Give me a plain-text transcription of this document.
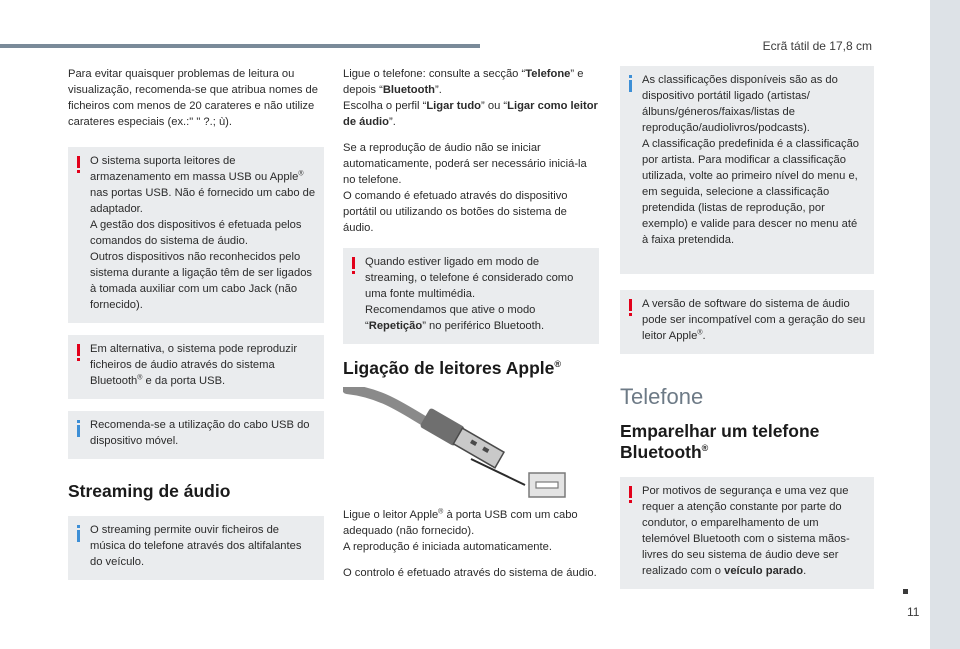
Ecrã tátil de 17,8 cm
11

Para evitar quaisquer problemas de leitura ou visualização, recomenda-se que atribua nomes de ficheiros com menos de 20 carateres e não utilize carateres especiais (ex.:" " ?.; ù).

O sistema suporta leitores de armazenamento em massa USB ou Apple® nas portas USB. Não é fornecido um cabo de adaptador.
A gestão dos dispositivos é efetuada pelos comandos do sistema de áudio.
Outros dispositivos não reconhecidos pelo sistema durante a ligação têm de ser ligados à tomada auxiliar com um cabo Jack (não fornecido).
Em alternativa, o sistema pode reproduzir ficheiros de áudio através do sistema Bluetooth® e da porta USB.
Recomenda-se a utilização do cabo USB do dispositivo móvel.
Streaming de áudio
O streaming permite ouvir ficheiros de música do telefone através dos altifalantes do veículo.

Ligue o telefone: consulte a secção “Telefone” e depois “Bluetooth”.
Escolha o perfil “Ligar tudo” ou “Ligar como leitor de áudio”.

Se a reprodução de áudio não se iniciar automaticamente, poderá ser necessário iniciá-la no telefone.
O comando é efetuado através do dispositivo portátil ou utilizando os botões do sistema de áudio.

Quando estiver ligado em modo de streaming, o telefone é considerado como uma fonte multimédia.
Recomendamos que ative o modo “Repetição” no periférico Bluetooth.
Ligação de leitores Apple®

Ligue o leitor Apple® à porta USB com um cabo adequado (não fornecido).
A reprodução é iniciada automaticamente.

O controlo é efetuado através do sistema de áudio.

As classificações disponíveis são as do dispositivo portátil ligado (artistas/álbuns/géneros/faixas/listas de reprodução/audiolivros/podcasts).
A classificação predefinida é a classificação por artista. Para modificar a classificação utilizada, volte ao primeiro nível do menu e, em seguida, selecione a classificação pretendida (listas de reprodução, por exemplo) e valide para descer no menu até à faixa pretendida.
A versão de software do sistema de áudio pode ser incompatível com a geração do seu leitor Apple®.
Telefone
Emparelhar um telefone Bluetooth®
Por motivos de segurança e uma vez que requer a atenção constante por parte do condutor, o emparelhamento de um telemóvel Bluetooth com o sistema mãos-livres do seu sistema de áudio deve ser realizado com o veículo parado.
